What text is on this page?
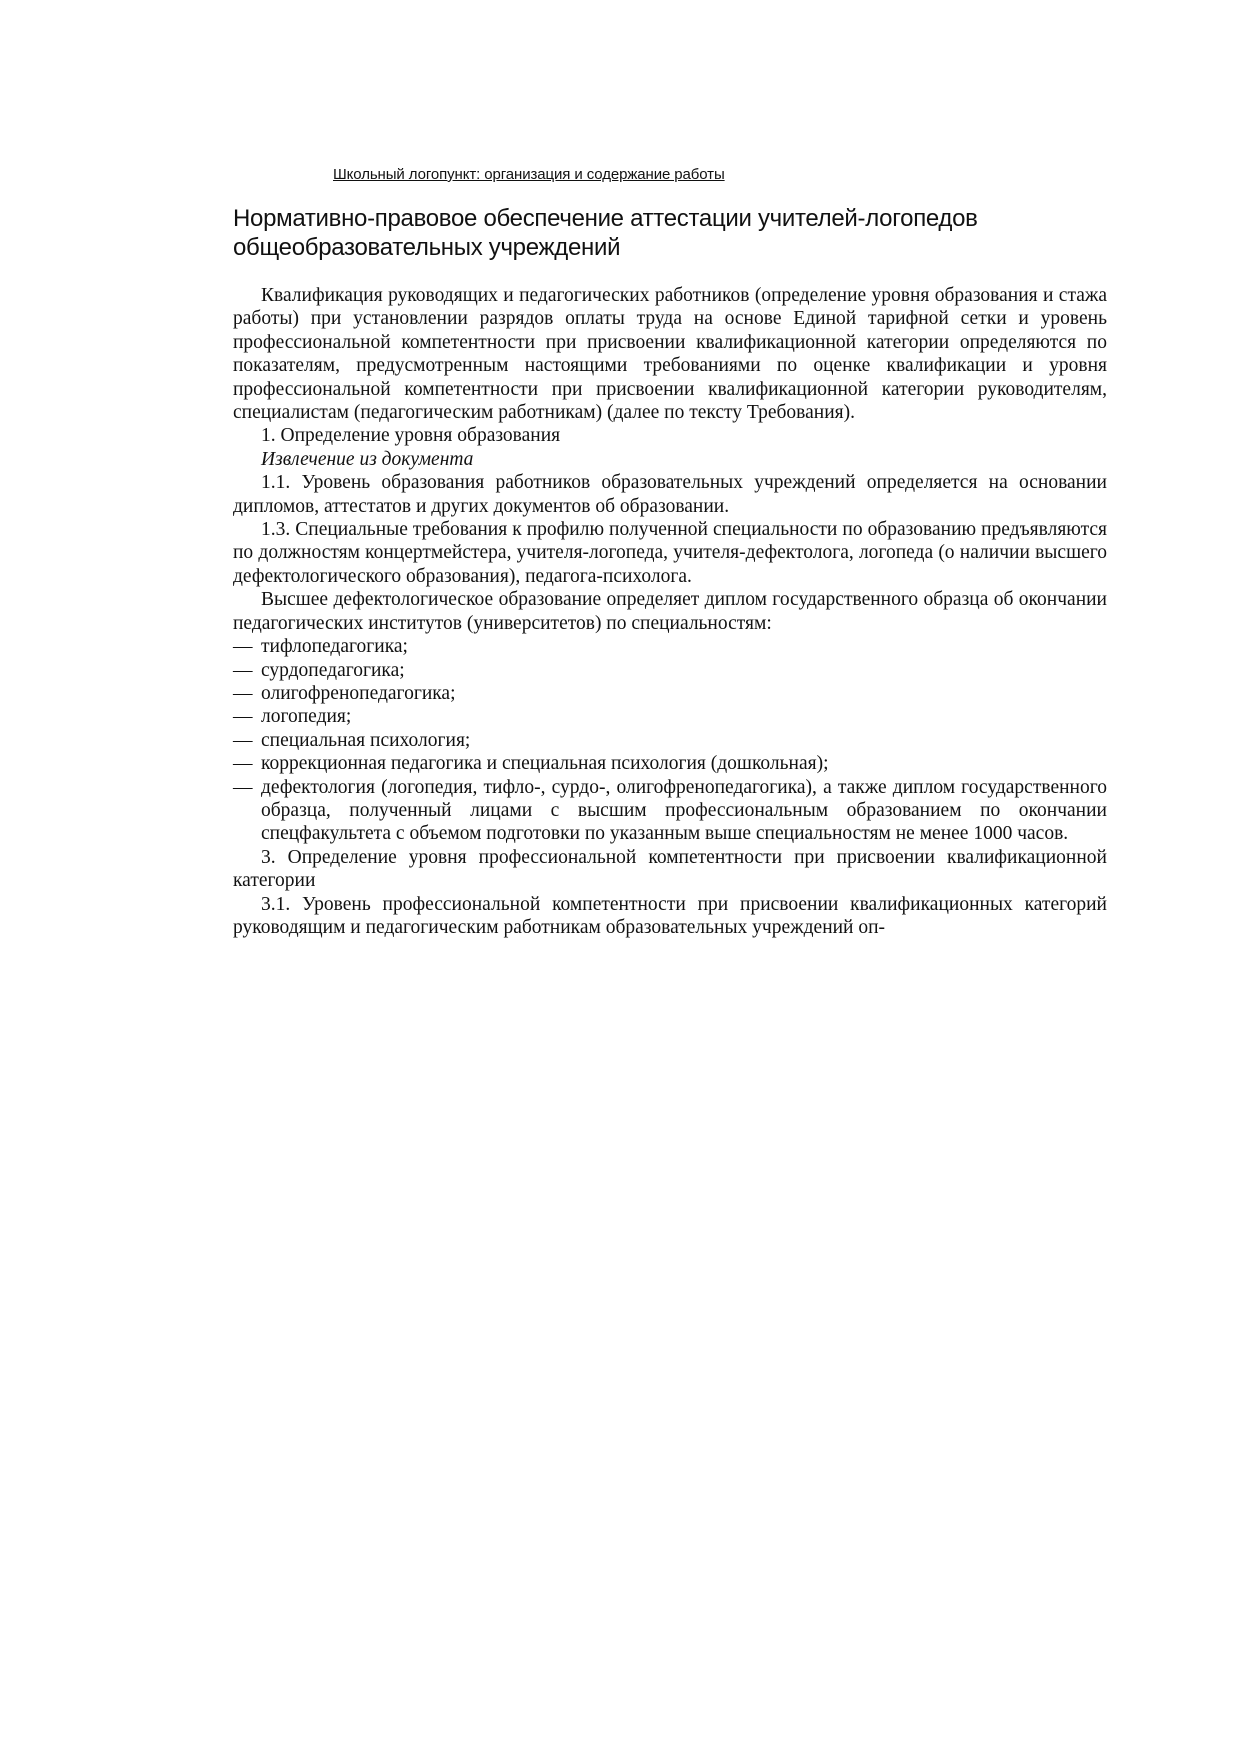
Школьный логопункт: организация и содержание работы
Нормативно-правовое обеспечение аттестации учителей-логопедов
общеобразовательных учреждений

Квалификация руководящих и педагогических работников (определение уровня образования и стажа работы) при установлении разрядов оплаты труда на основе Единой тарифной сетки и уровень профессиональной компетентности при присвоении квалификационной категории определяются по показателям, предусмотренным настоящими требованиями по оценке квалификации и уровня профессиональной компетентности при присвоении квалификационной категории руководителям, специалистам (педагогическим работникам) (далее по тексту Требования).

1. Определение уровня образования

Извлечение из документа

1.1. Уровень образования работников образовательных учреждений определяется на основании дипломов, аттестатов и других документов об образовании.

1.3. Специальные требования к профилю полученной специальности по образованию предъявляются по должностям концертмейстера, учителя-логопеда, учителя-дефектолога, логопеда (о наличии высшего дефектологического образования), педагога-психолога.

Высшее дефектологическое образование определяет диплом государственного образца об окончании педагогических институтов (университетов) по специальностям:

— тифлопедагогика;
— сурдопедагогика;
— олигофренопедагогика;
— логопедия;
— специальная психология;
— коррекционная педагогика и специальная психология (дошкольная);
— дефектология (логопедия, тифло-, сурдо-, олигофренопедагогика), а также диплом государственного образца, полученный лицами с высшим профессиональным образованием по окончании спецфакультета с объемом подготовки по указанным выше специальностям не менее 1000 часов.

3. Определение уровня профессиональной компетентности при присвоении квалификационной категории

3.1. Уровень профессиональной компетентности при присвоении квалификационных категорий руководящим и педагогическим работникам образовательных учреждений оп-
